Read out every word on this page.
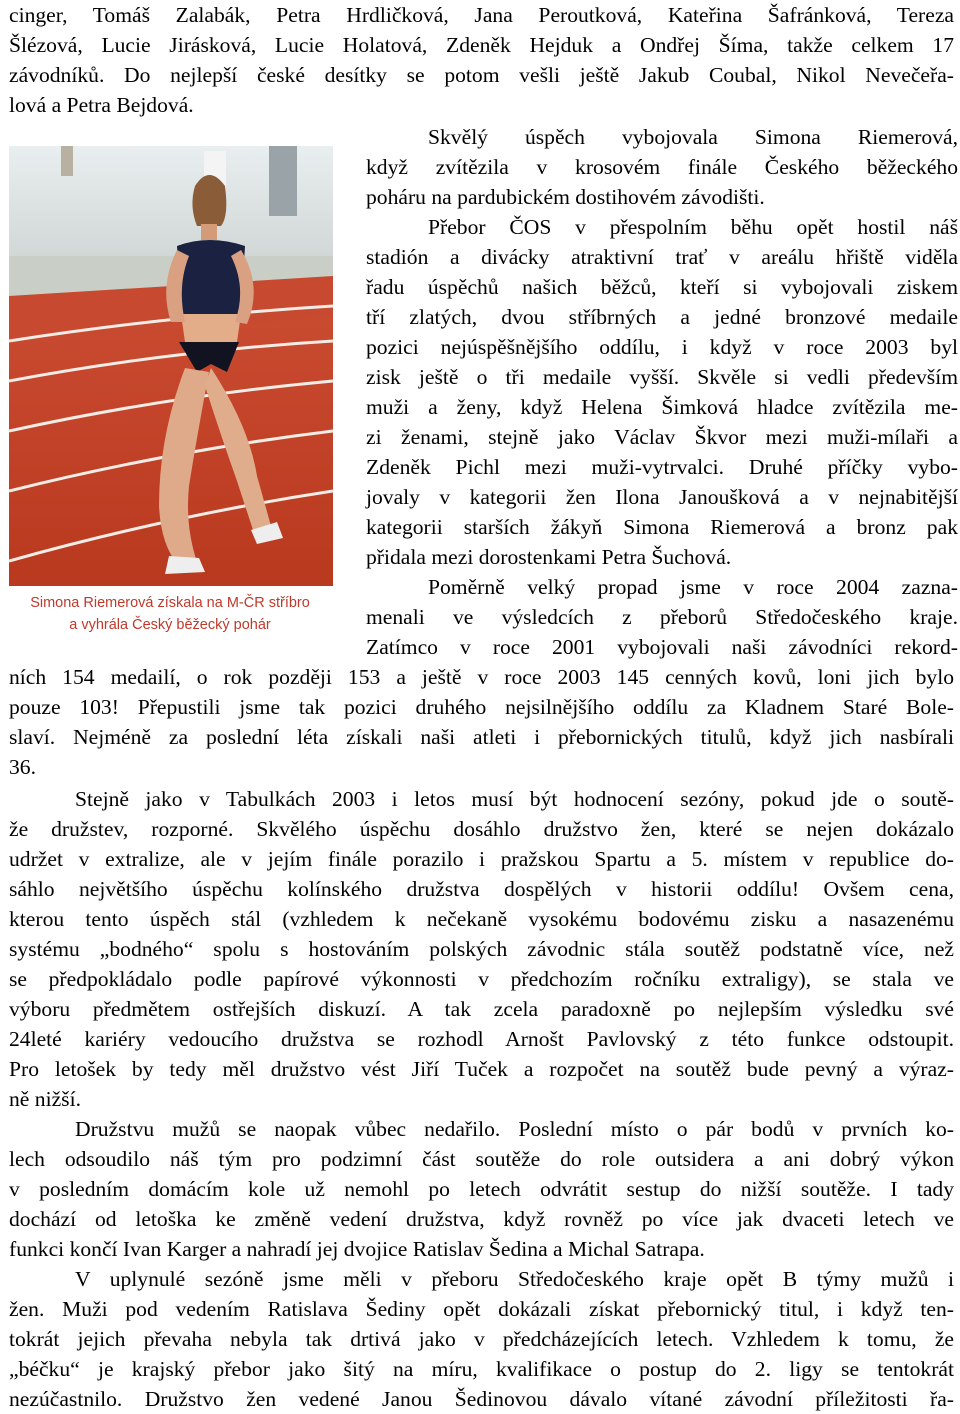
cinger, Tomáš Zalabák, Petra Hrdličková, Jana Peroutková, Kateřina Šafránková, Tereza
Šlézová, Lucie Jirásková, Lucie Holatová, Zdeněk Hejduk a Ondřej Šíma, takže celkem 17
závodníků. Do nejlepší české desítky se potom vešli ještě Jakub Coubal, Nikol Nevečeřa-
lová a Petra Bejdová.
Simona Riemerová získala na M-ČR stříbro
a vyhrála Český běžecký pohár
Skvělý úspěch vybojovala Simona Riemerová,
když zvítězila v krosovém finále Českého běžeckého
poháru na pardubickém dostihovém závodišti.
Přebor ČOS v přespolním běhu opět hostil náš
stadión a divácky atraktivní trať v areálu hřiště viděla
řadu úspěchů našich běžců, kteří si vybojovali ziskem
tří zlatých, dvou stříbrných a jedné bronzové medaile
pozici nejúspěšnějšího oddílu, i když v roce 2003 byl
zisk ještě o tři medaile vyšší. Skvěle si vedli především
muži a ženy, když Helena Šimková hladce zvítězila me-
zi ženami, stejně jako Václav Škvor mezi muži-mílaři a
Zdeněk Pichl mezi muži-vytrvalci. Druhé příčky vybo-
jovaly v kategorii žen Ilona Janoušková a v nejnabitější
kategorii starších žákyň Simona Riemerová a bronz pak
přidala mezi dorostenkami Petra Šuchová.
Poměrně velký propad jsme v roce 2004 zazna-
menali ve výsledcích z přeborů Středočeského kraje.
Zatímco v roce 2001 vybojovali naši závodníci rekord-
ních 154 medailí, o rok později 153 a ještě v roce 2003 145 cenných kovů, loni jich bylo
pouze 103! Přepustili jsme tak pozici druhého nejsilnějšího oddílu za Kladnem Staré Bole-
slaví. Nejméně za poslední léta získali naši atleti i přebornických titulů, když jich nasbírali
36.
Stejně jako v Tabulkách 2003 i letos musí být hodnocení sezóny, pokud jde o soutě-
že družstev, rozporné. Skvělého úspěchu dosáhlo družstvo žen, které se nejen dokázalo
udržet v extralize, ale v jejím finále porazilo i pražskou Spartu a 5. místem v republice do-
sáhlo největšího úspěchu kolínského družstva dospělých v historii oddílu! Ovšem cena,
kterou tento úspěch stál (vzhledem k nečekaně vysokému bodovému zisku a nasazenému
systému „bodného“ spolu s hostováním polských závodnic stála soutěž podstatně více, než
se předpokládalo podle papírové výkonnosti v předchozím ročníku extraligy), se stala ve
výboru předmětem ostřejších diskuzí. A tak zcela paradoxně po nejlepším výsledku své
24leté kariéry vedoucího družstva se rozhodl Arnošt Pavlovský z této funkce odstoupit.
Pro letošek by tedy měl družstvo vést Jiří Tuček a rozpočet na soutěž bude pevný a výraz-
ně nižší.
Družstvu mužů se naopak vůbec nedařilo. Poslední místo o pár bodů v prvních ko-
lech odsoudilo náš tým pro podzimní část soutěže do role outsidera a ani dobrý výkon
v posledním domácím kole už nemohl po letech odvrátit sestup do nižší soutěže. I tady
dochází od letoška ke změně vedení družstva, když rovněž po více jak dvaceti letech ve
funkci končí Ivan Karger a nahradí jej dvojice Ratislav Šedina a Michal Satrapa.
V uplynulé sezóně jsme měli v přeboru Středočeského kraje opět B týmy mužů i
žen. Muži pod vedením Ratislava Šediny opět dokázali získat přebornický titul, i když ten-
tokrát jejich převaha nebyla tak drtivá jako v předcházejících letech. Vzhledem k tomu, že
„béčku“ je krajský přebor jako šitý na míru, kvalifikace o postup do 2. ligy se tentokrát
nezúčastnilo. Družstvo žen vedené Janou Šedinovou dávalo vítané závodní příležitosti řa-
